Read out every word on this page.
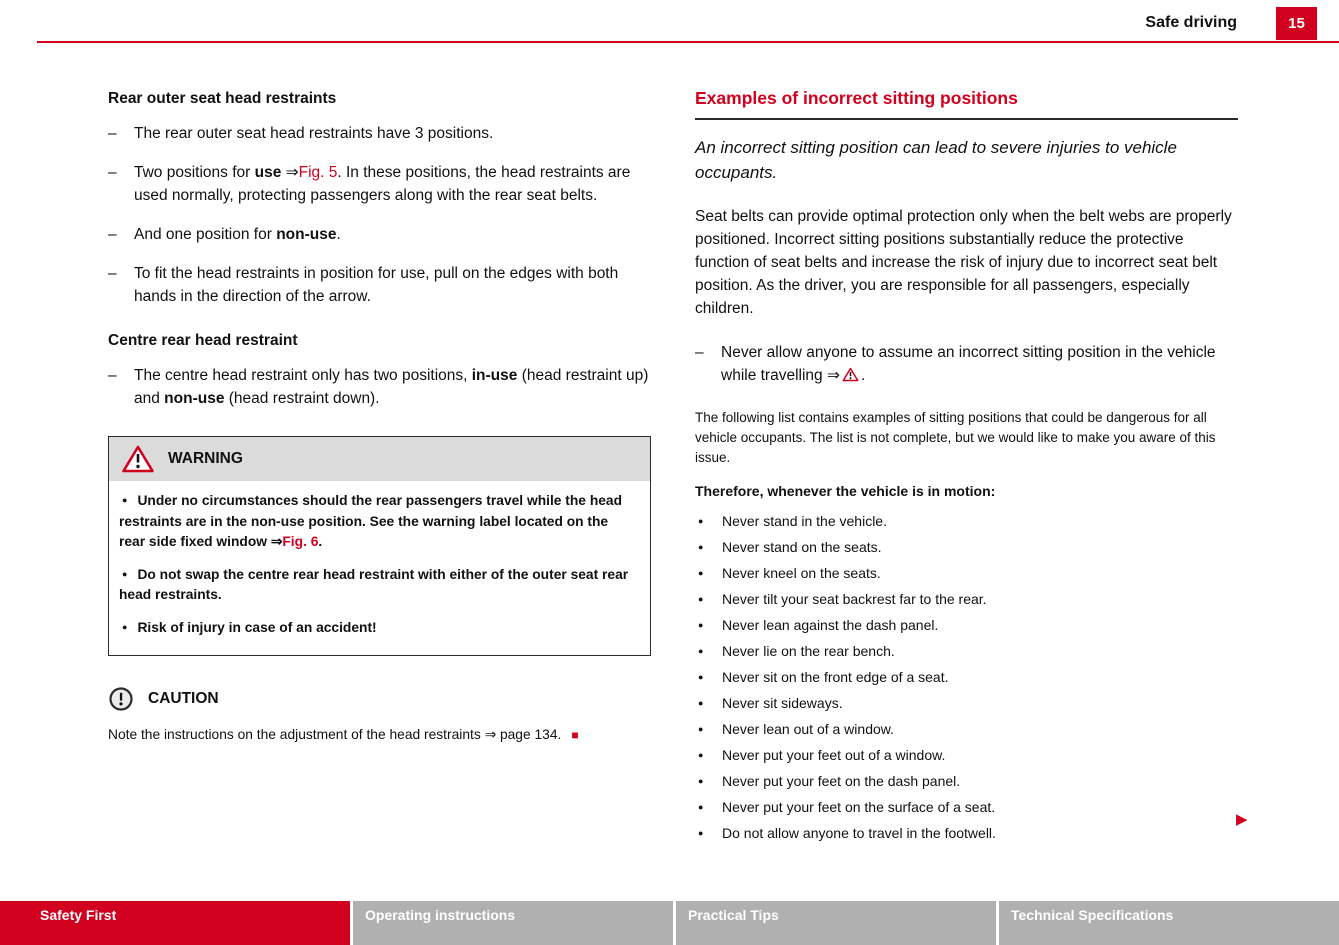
Safe driving	15
Rear outer seat head restraints
–	The rear outer seat head restraints have 3 positions.
–	Two positions for use ⇒Fig. 5. In these positions, the head restraints are used normally, protecting passengers along with the rear seat belts.
–	And one position for non-use.
–	To fit the head restraints in position for use, pull on the edges with both hands in the direction of the arrow.
Centre rear head restraint
–	The centre head restraint only has two positions, in-use (head restraint up) and non-use (head restraint down).
WARNING

● Under no circumstances should the rear passengers travel while the head restraints are in the non-use position. See the warning label located on the rear side fixed window ⇒Fig. 6.

● Do not swap the centre rear head restraint with either of the outer seat rear head restraints.

● Risk of injury in case of an accident!

CAUTION

Note the instructions on the adjustment of the head restraints ⇒ page 134. ■

Examples of incorrect sitting positions

An incorrect sitting position can lead to severe injuries to vehicle occupants.

Seat belts can provide optimal protection only when the belt webs are properly positioned. Incorrect sitting positions substantially reduce the protective function of seat belts and increase the risk of injury due to incorrect seat belt position. As the driver, you are responsible for all passengers, especially children.

–	Never allow anyone to assume an incorrect sitting position in the vehicle while travelling ⇒ .

The following list contains examples of sitting positions that could be dangerous for all vehicle occupants. The list is not complete, but we would like to make you aware of this issue.

Therefore, whenever the vehicle is in motion:

●	Never stand in the vehicle.
●	Never stand on the seats.
●	Never kneel on the seats.
●	Never tilt your seat backrest far to the rear.
●	Never lean against the dash panel.
●	Never lie on the rear bench.
●	Never sit on the front edge of a seat.
●	Never sit sideways.
●	Never lean out of a window.
●	Never put your feet out of a window.
●	Never put your feet on the dash panel.
●	Never put your feet on the surface of a seat.
●	Do not allow anyone to travel in the footwell.
▶
Safety First	Operating instructions	Practical Tips	Technical Specifications
